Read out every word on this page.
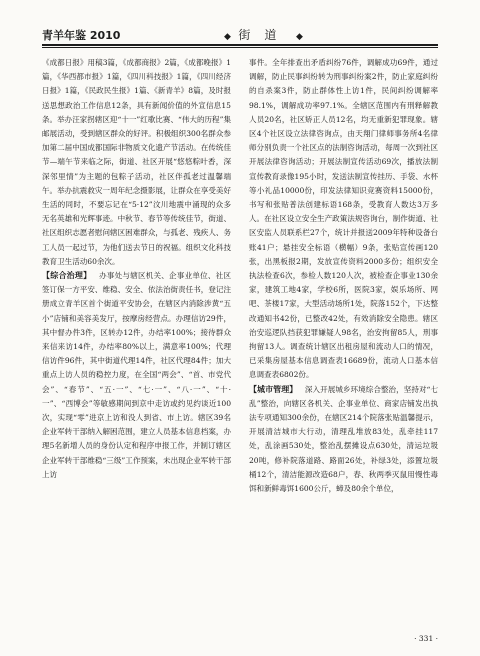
青羊年鉴 2010	◆ 街道 ◆

《成都日报》用稿3篇，《成都商报》2篇，《成都晚报》1篇，《华西都市报》1篇，《四川科技报》1篇，《四川经济日报》1篇，《民政民生报》1篇、《新青羊》8篇，及时报送思想政治工作信息12条，具有新闻价值的外宣信息15条。举办汪家拐辖区迎“十一”红歌比赛、“伟大的历程”集邮展活动，受到辖区群众的好评。积极组织300名群众参加第二届中国成都国际非物质文化遗产节活动。在传统佳节—端午节来临之际，街道、社区开展“悠悠粽叶香，深深邻里情”为主题的包粽子活动，社区伴孤老过温馨端午。举办抗震救灾一周年纪念摄影展，让群众在享受美好生活的同时，不要忘记在“5·12”汶川地震中涌现的众多无名英雄和光辉事迹。中秋节、春节等传统佳节，街道、社区组织志愿者慰问辖区困难群众，与孤老、残疾人、务工人员一起过节，为他们送去节日的祝福。组织文化科技教育卫生活动60余次。

【综合治理】  办事处与辖区机关、企事业单位、社区签订保一方平安、维稳、安全、依法治街责任书，登记注册成立青羊区首个街道平安协会，在辖区内消除涉黄“五小”店铺和美容美发厅，按摩房经营点。办理信访29件，其中督办件3件，区转办12件，办结率100%；接待群众来信来访14件，办结率80%以上，满意率100%；代理信访件96件，其中街道代理14件，社区代理84件；加大重点上访人员的稳控力度，在全国“两会”、“首、市党代会”、“春节”、“五·一”、“七·一”、“八·一”、“十·一”、“西博会”等敏感期间到京中走访或约见约谈近100次，实现“零”进京上访和没人到省、市上访。辖区39名企业军转干部纳入解困范围，建立人员基本信息档案，办理5名新增人员的身份认定和程序申报工作，并制订辖区企业军转干部维稳“三级”工作预案，未出现企业军转干部上访

事件。全年排查出矛盾纠纷76件，调解成功69件，通过调解，防止民事纠纷转为刑事纠纷案2件，防止家庭纠纷的自杀案3件，防止群体性上访1件，民间纠纷调解率98.1%，调解成功率97.1%。全辖区范围内有刑释解教人员20名，社区矫正人员12名，均无重新犯罪现象。辖区4个社区设立法律咨询点，由天翔门律师事务所4名律师分别负责一个社区点的法制咨询活动，每周一次到社区开展法律咨询活动；开展法制宣传活动69次，播放法制宣传教育录像195小时，发送法制宣传挂历、手袋、水杯等小礼品10000份，印发法律知识竞赛资料15000份，书写和张贴普法创建标语168条，受教育人数达3万多人。在社区设立安全生产政策法规咨询台，制作街道、社区安监人员联系栏27个，统计并报送2009年特种设备台账41户；悬挂安全标语（横幅）9条，张贴宣传画120张，出黑板报2期，发放宣传资料2000多份；组织安全执法检查6次，参检人数120人次，被检查企事业130余家，建筑工地4家，学校6所，医院3家，娱乐场所、网吧、茶楼17家，大型活动场所1处，院落152个，下达整改通知书42份，已整改42处，有效消除安全隐患。辖区治安巡逻队挡获犯罪嫌疑人98名，治安拘留85人，刑事拘留13人。调查统计辖区出租房屋和流动人口的情况，已采集房屋基本信息调查表16689份，流动人口基本信息调查表6802份。

【城市管理】  深入开展城乡环境综合整治，坚持对“七乱”整治，向辖区各机关、企事业单位、商家店铺发出执法专项通知300余份，在辖区214个院落张贴温馨提示，开展清洁城市大行动，清理乱堆放83处，乱牵挂117处，乱涂画530处，整治乱摆摊设点630处，清运垃圾20吨，修补院落道路、路面26处，补绿3处，添置垃圾桶12个，清洁能源改造68户，春、秋两季灭鼠用慢性毒饵和新鲜毒饵1600公斤，蟑及80余个单位，

· 331 ·
